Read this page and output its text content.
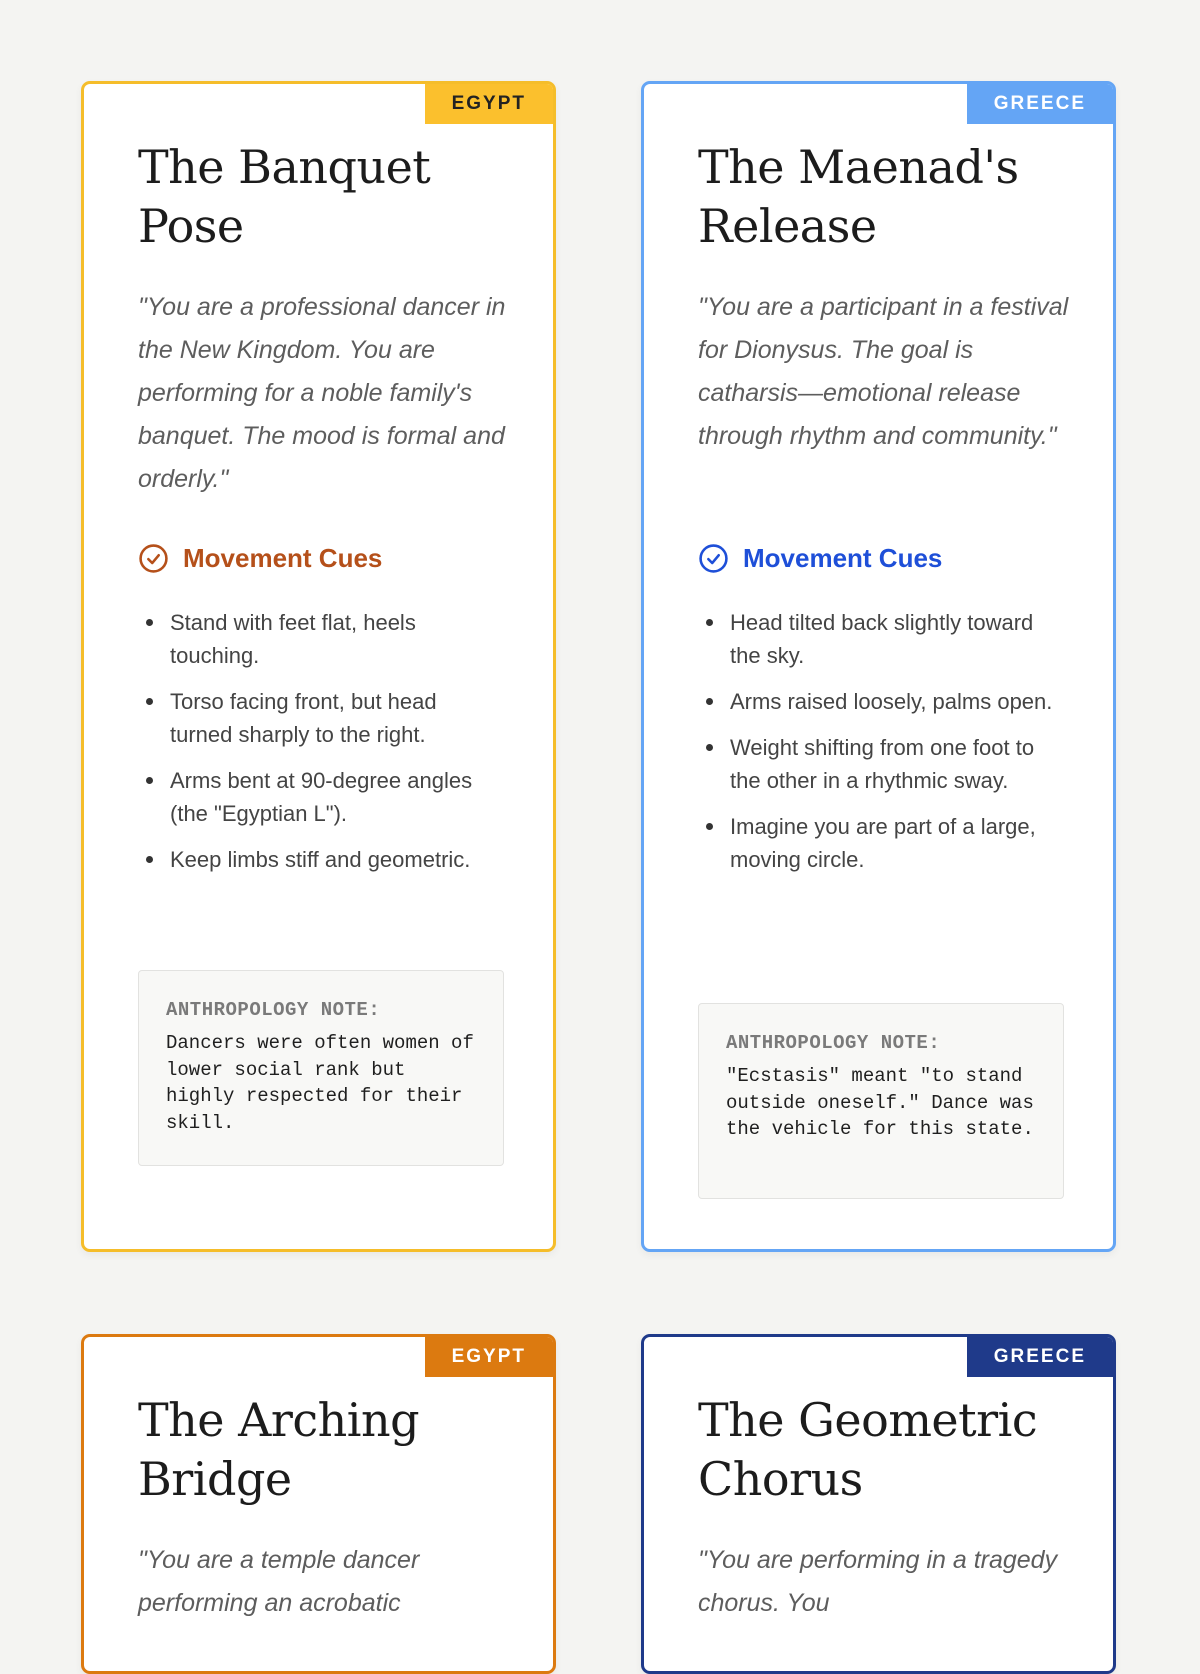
EGYPT
The Banquet Pose

"You are a professional dancer in the New Kingdom. You are performing for a noble family's banquet. The mood is formal and orderly."

Movement Cues
Stand with feet flat, heels touching.
Torso facing front, but head turned sharply to the right.
Arms bent at 90-degree angles (the "Egyptian L").
Keep limbs stiff and geometric.
ANTHROPOLOGY NOTE:
Dancers were often women of lower social rank but highly respected for their skill.
GREECE
The Maenad's Release

"You are a participant in a festival for Dionysus. The goal is catharsis—emotional release through rhythm and community."

Movement Cues
Head tilted back slightly toward the sky.
Arms raised loosely, palms open.
Weight shifting from one foot to the other in a rhythmic sway.
Imagine you are part of a large, moving circle.
ANTHROPOLOGY NOTE:
"Ecstasis" meant "to stand outside oneself." Dance was the vehicle for this state.
EGYPT
The Arching Bridge

"You are a temple dancer performing an acrobatic

GREECE
The Geometric Chorus

"You are performing in a tragedy chorus. You
